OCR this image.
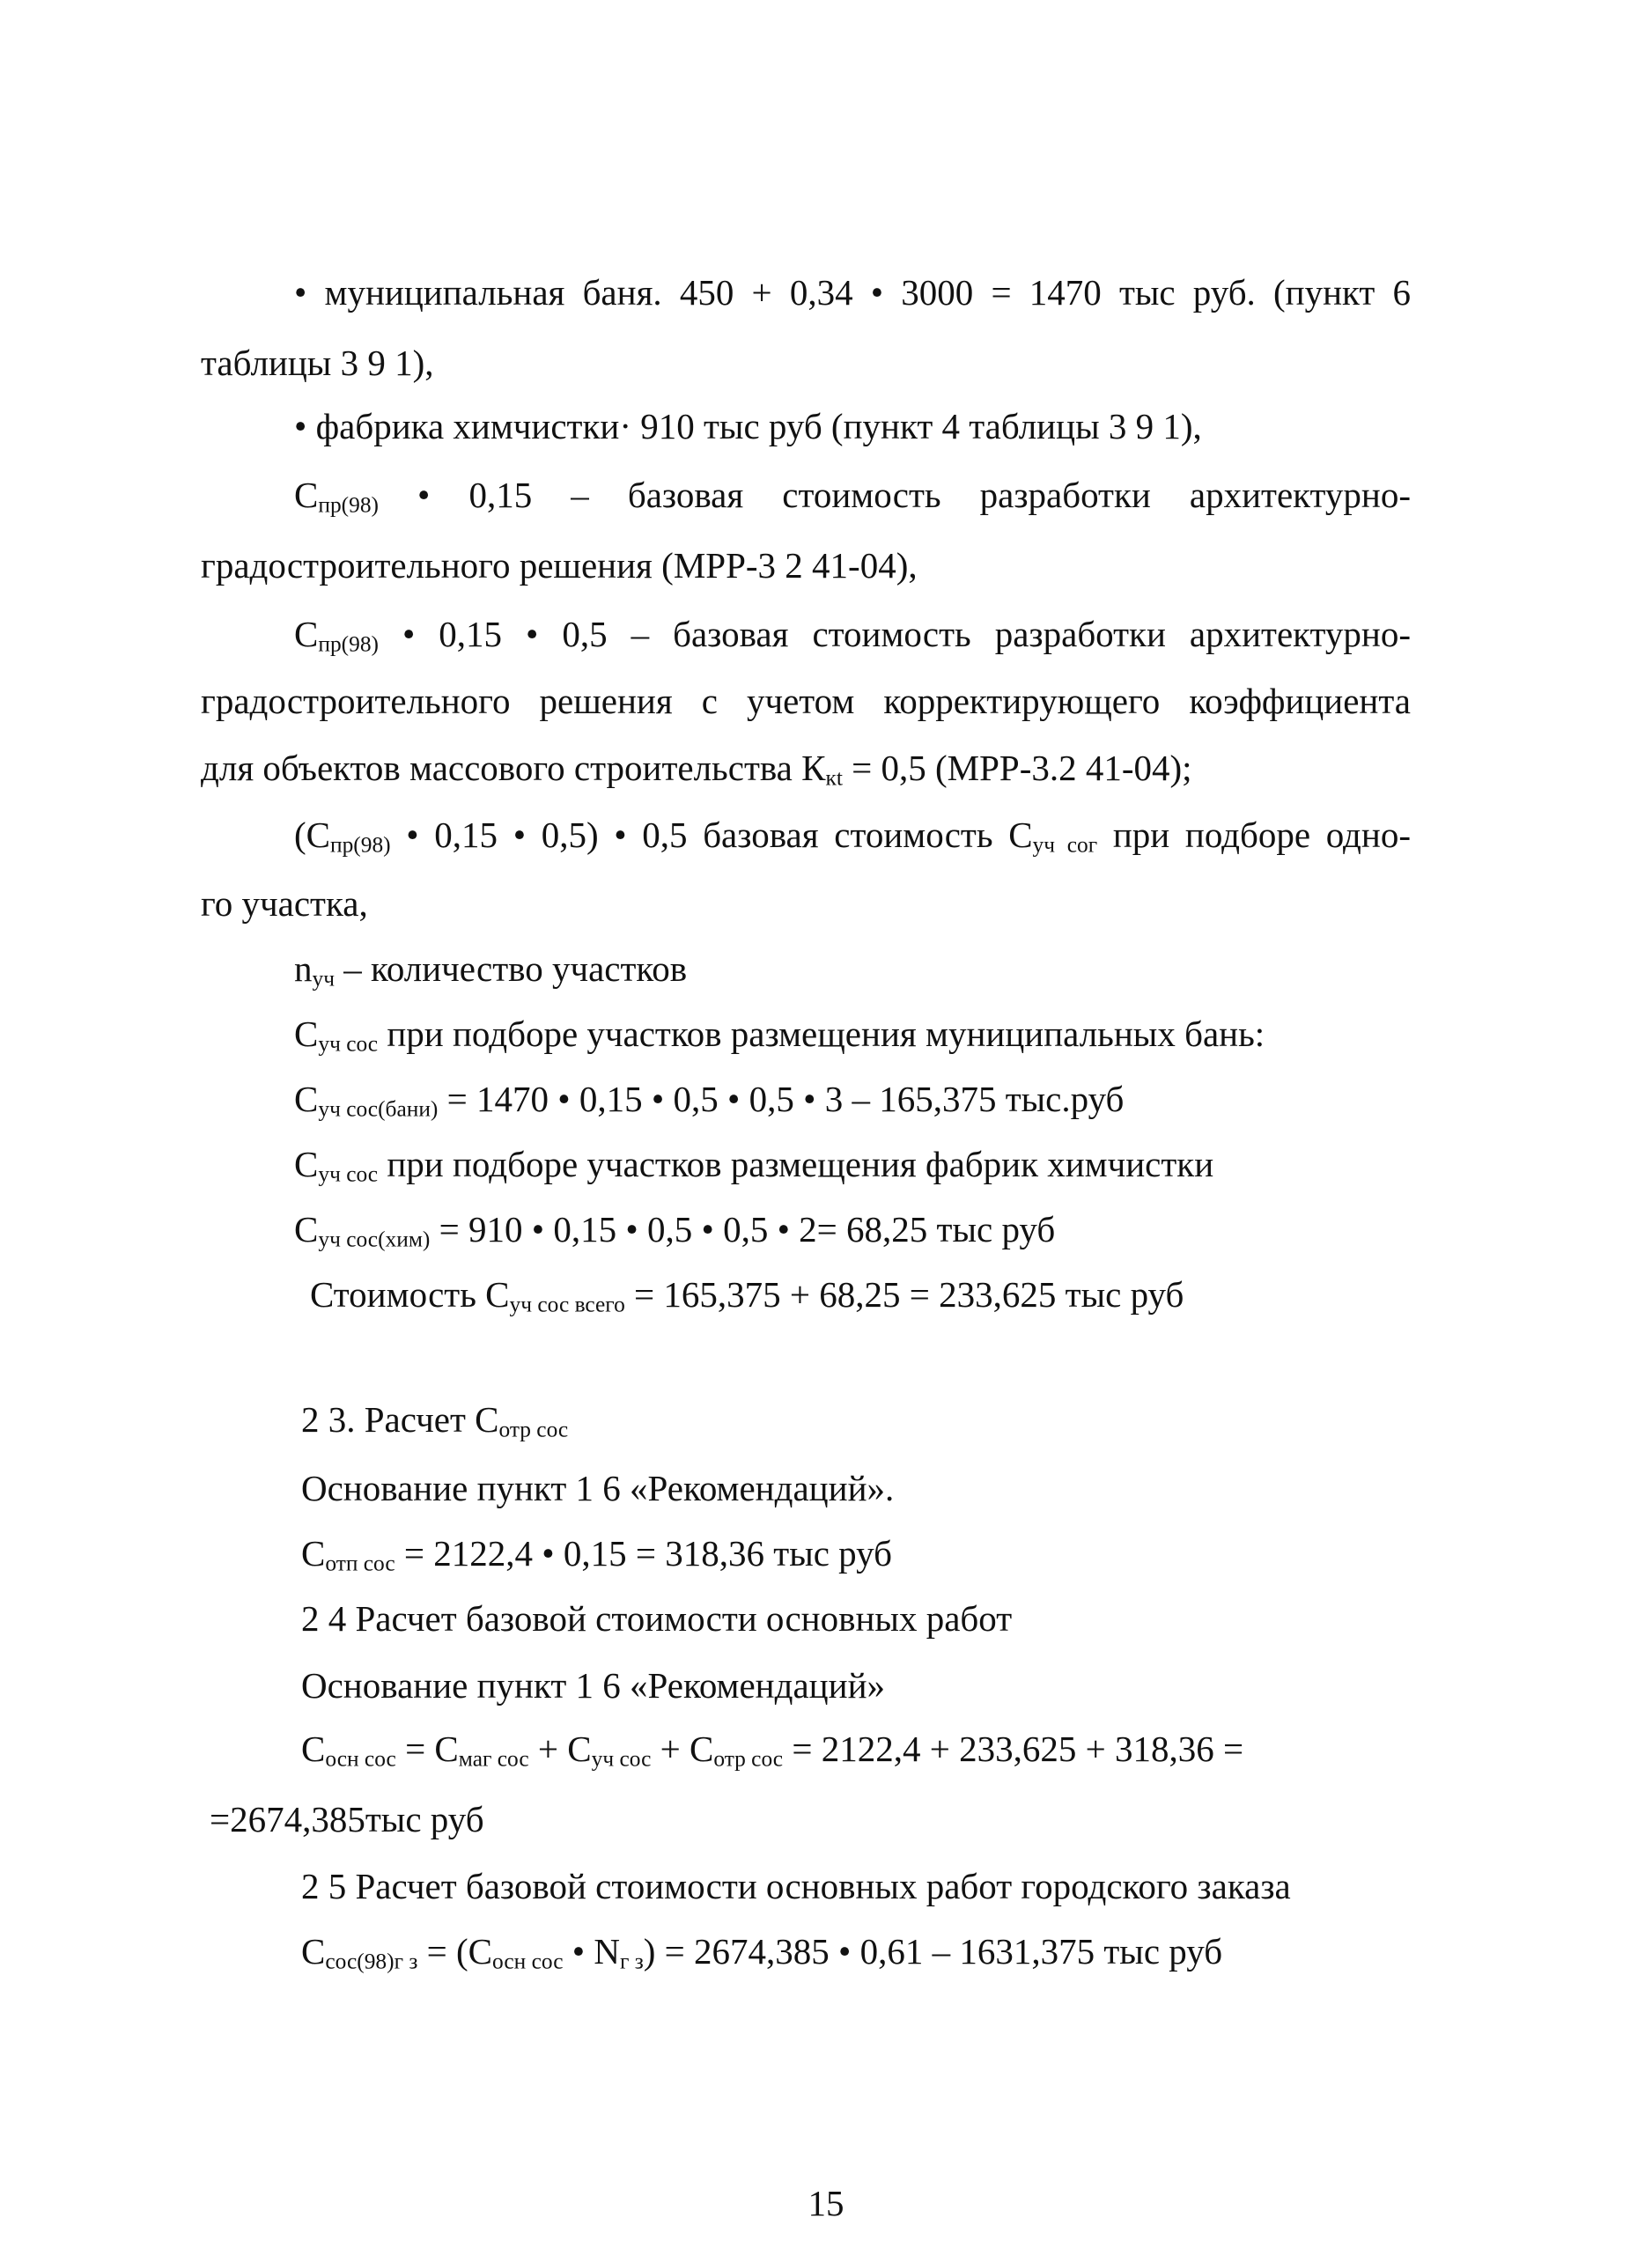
• муниципальная баня. 450 + 0,34 • 3000 = 1470 тыс руб. (пункт 6
таблицы 3 9 1),
• фабрика химчистки· 910 тыс руб (пункт 4 таблицы 3 9 1),
$С_{пр(98)}$ • 0,15 – базовая стоимость разработки архитектурно-
градостроительного решения (МРР-3 2 41-04),
$С_{пр(98)}$ • 0,15 • 0,5 – базовая стоимость разработки архитектурно-
градостроительного решения с учетом корректирующего коэффициента
для объектов массового строительства $К_{кt} = 0,5$ (МРР-3.2 41-04);
($С_{пр(98)}$ • 0,15 • 0,5) • 0,5 базовая стоимость $С_{уч сог}$ при подборе одно-
го участка,
$n_{уч}$ – количество участков
$С_{уч сос}$ при подборе участков размещения муниципальных бань:
$С_{уч сос(бани)} = 1470$ • 0,15 • 0,5 • 0,5 • 3 – 165,375 тыс.руб
$С_{уч сос}$ при подборе участков размещения фабрик химчистки
$С_{уч сос(хим)} = 910$ • 0,15 • 0,5 • 0,5 • 2= 68,25 тыс руб
Стоимость $С_{уч сос всего} = 165,375 + 68,25 = 233,625$ тыс руб
2 3. Расчет $С_{отр сос}$
Основание пункт 1 6 «Рекомендаций».
$С_{отп сос} = 2122,4$ • 0,15 = 318,36 тыс руб
2 4 Расчет базовой стоимости основных работ
Основание пункт 1 6 «Рекомендаций»
$С_{осн сос} = С_{маг сос} + С_{уч сос} + С_{отр сос} = 2122,4 + 233,625 + 318,36$ =
=2674,385тыс руб
2 5 Расчет базовой стоимости основных работ городского заказа
$С_{сос(98)г з} = (С_{осн сос}$ • $N_{г з}) = 2674,385$ • 0,61 – 1631,375 тыс руб
15
